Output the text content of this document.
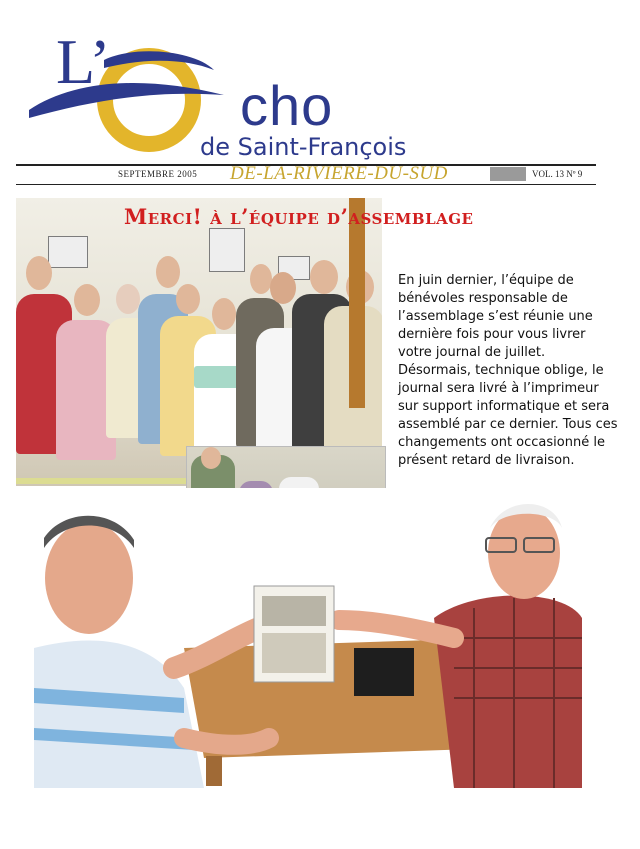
L’
cho
de Saint-François
SEPTEMBRE 2005 DE-LA-RIVIERE-DU-SUD	VOL. 13 Nº 9
Merci! à l’équipe d’assemblage
En juin dernier, l’équipe de bénévoles responsable de l’assemblage s’est réunie une dernière fois pour vous livrer votre journal de juillet. Désormais, technique oblige, le journal sera livré à l’imprimeur sur support informatique et sera assemblé par ce dernier. Tous ces changements ont occasionné le présent retard de livraison.
